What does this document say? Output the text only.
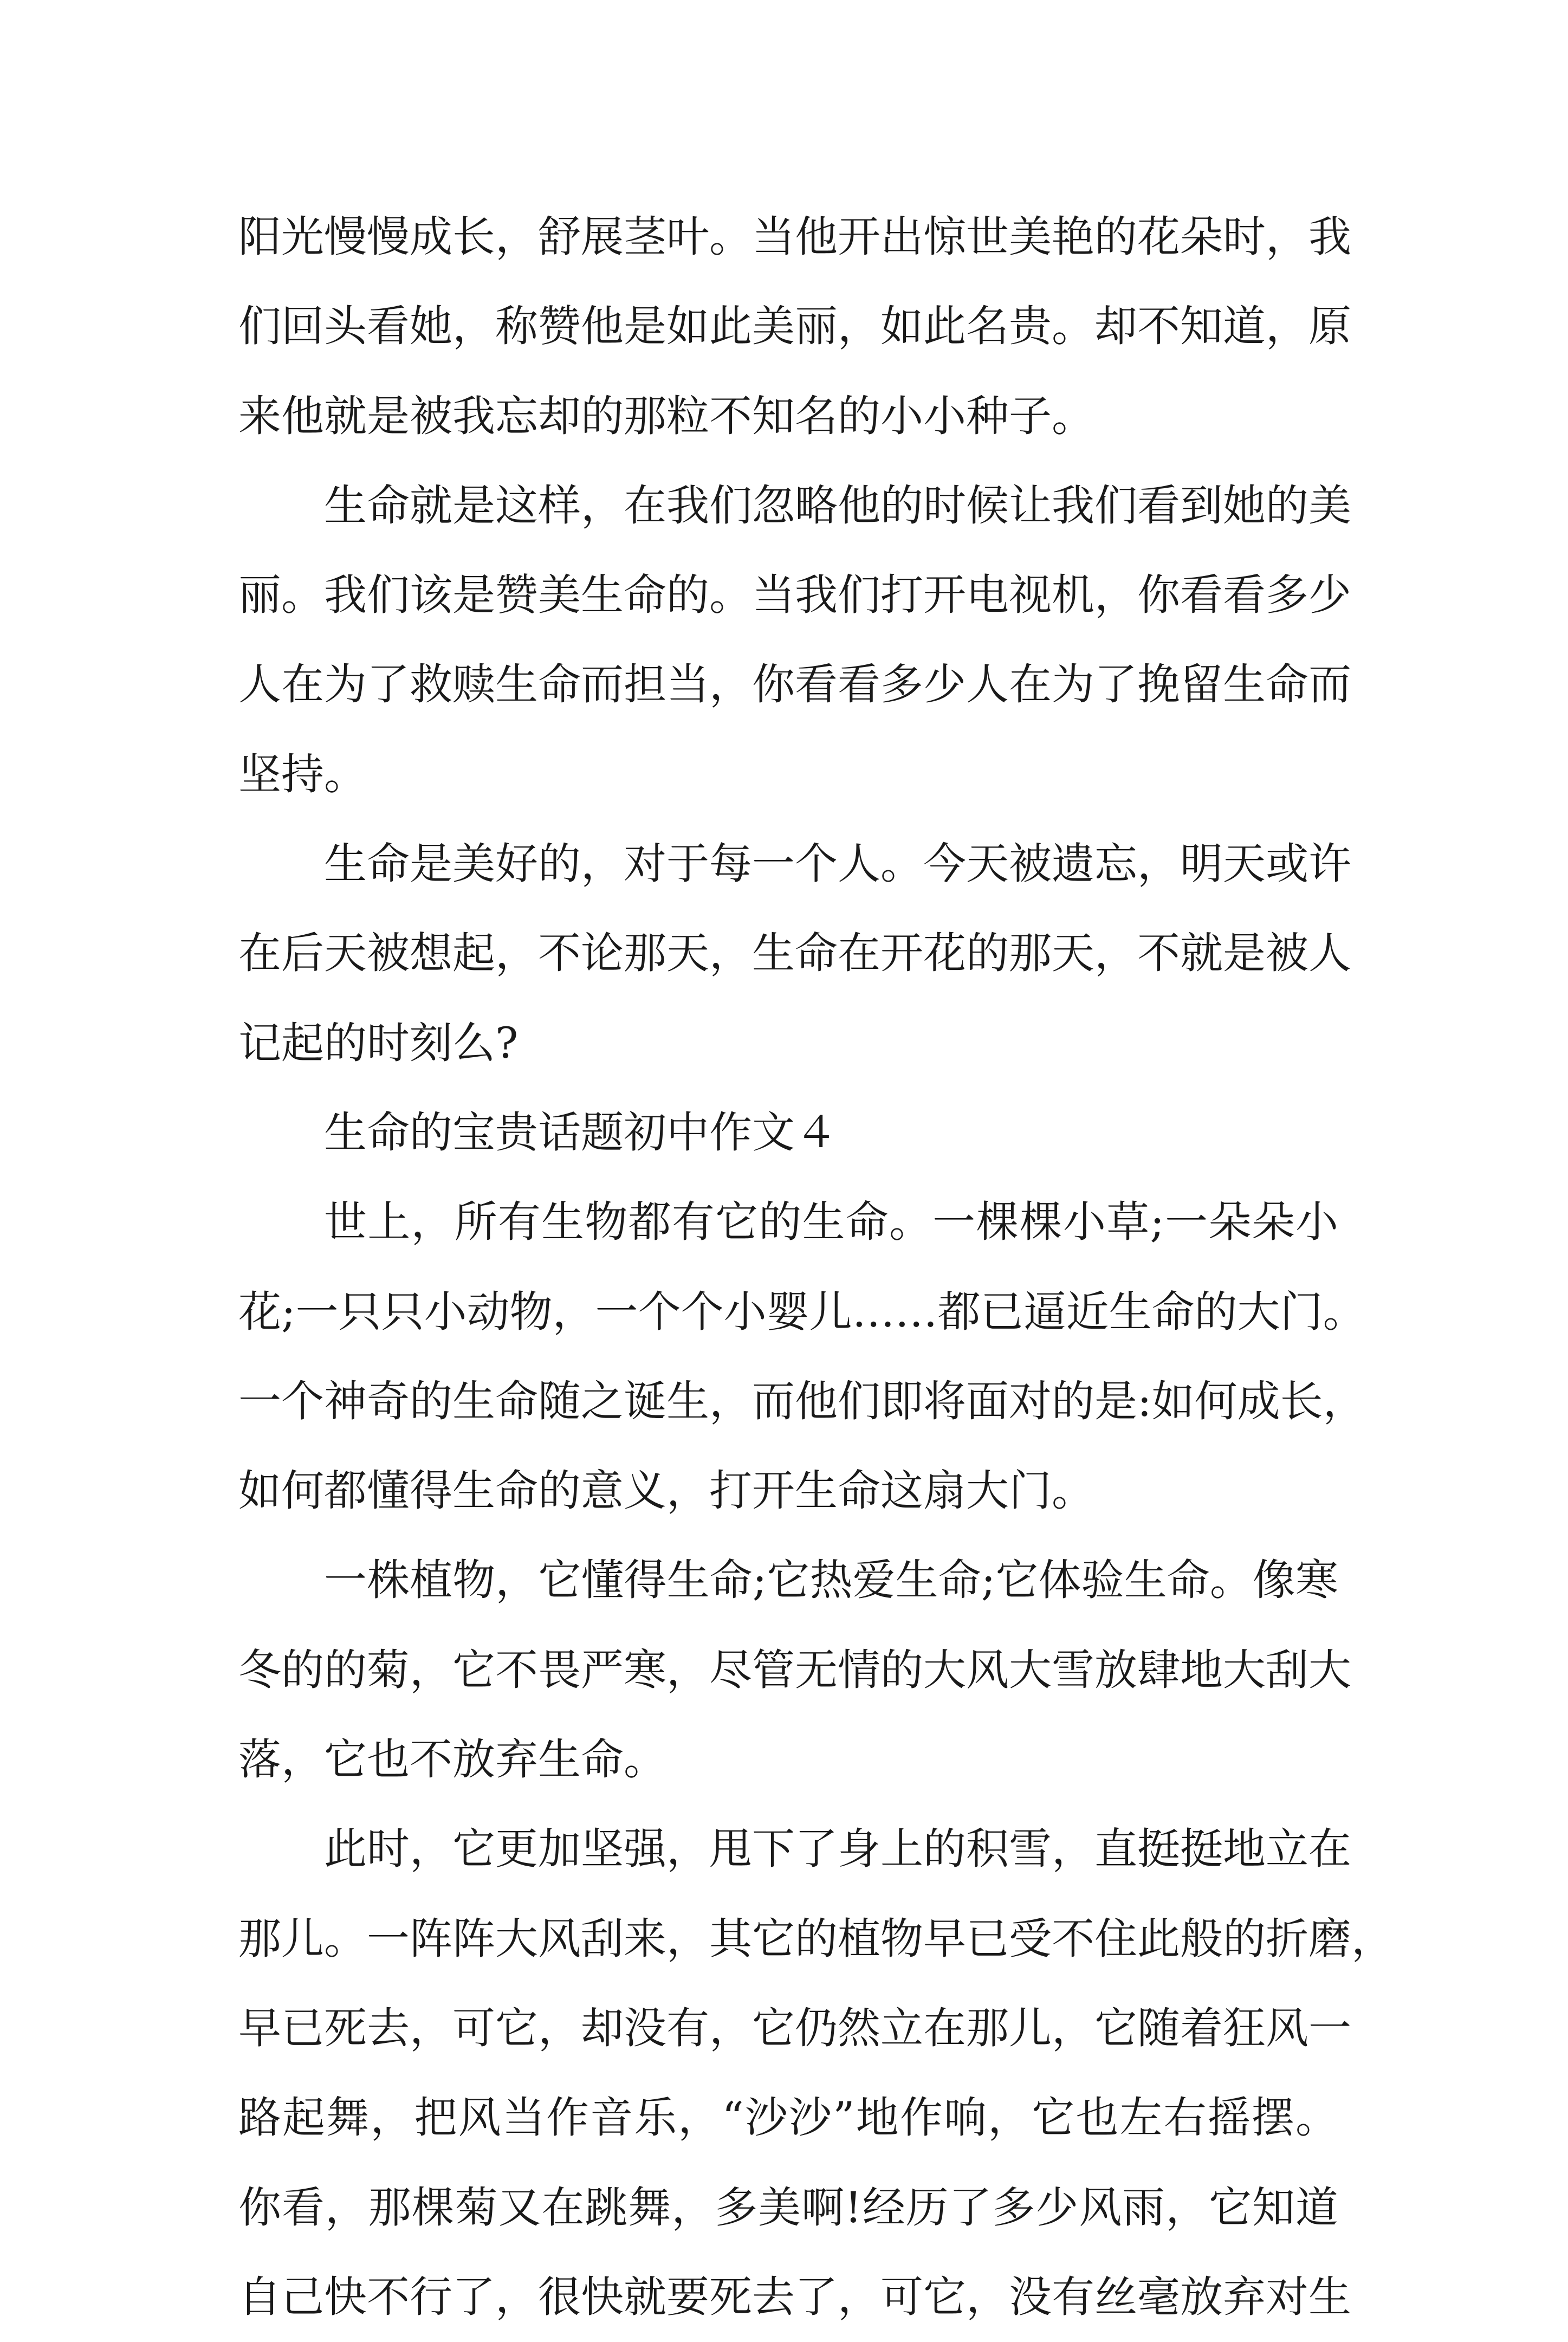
阳光慢慢成长，舒展茎叶。当他开出惊世美艳的花朵时，我
们回头看她，称赞他是如此美丽，如此名贵。却不知道，原
来他就是被我忘却的那粒不知名的小小种子。
生命就是这样，在我们忽略他的时候让我们看到她的美
丽。我们该是赞美生命的。当我们打开电视机，你看看多少
人在为了救赎生命而担当，你看看多少人在为了挽留生命而
坚持。
生命是美好的，对于每一个人。今天被遗忘，明天或许
在后天被想起，不论那天，生命在开花的那天，不就是被人
记起的时刻么?
生命的宝贵话题初中作文４
世上，所有生物都有它的生命。一棵棵小草;一朵朵小
花;一只只小动物，一个个小婴儿……都已逼近生命的大门。
一个神奇的生命随之诞生，而他们即将面对的是:如何成长，
如何都懂得生命的意义，打开生命这扇大门。
一株植物，它懂得生命;它热爱生命;它体验生命。像寒
冬的的菊，它不畏严寒，尽管无情的大风大雪放肆地大刮大
落，它也不放弃生命。
此时，它更加坚强，甩下了身上的积雪，直挺挺地立在
那儿。一阵阵大风刮来，其它的植物早已受不住此般的折磨，
早已死去，可它，却没有，它仍然立在那儿，它随着狂风一
路起舞，把风当作音乐，“沙沙”地作响，它也左右摇摆。
你看，那棵菊又在跳舞，多美啊!经历了多少风雨，它知道
自己快不行了，很快就要死去了，可它，没有丝毫放弃对生
